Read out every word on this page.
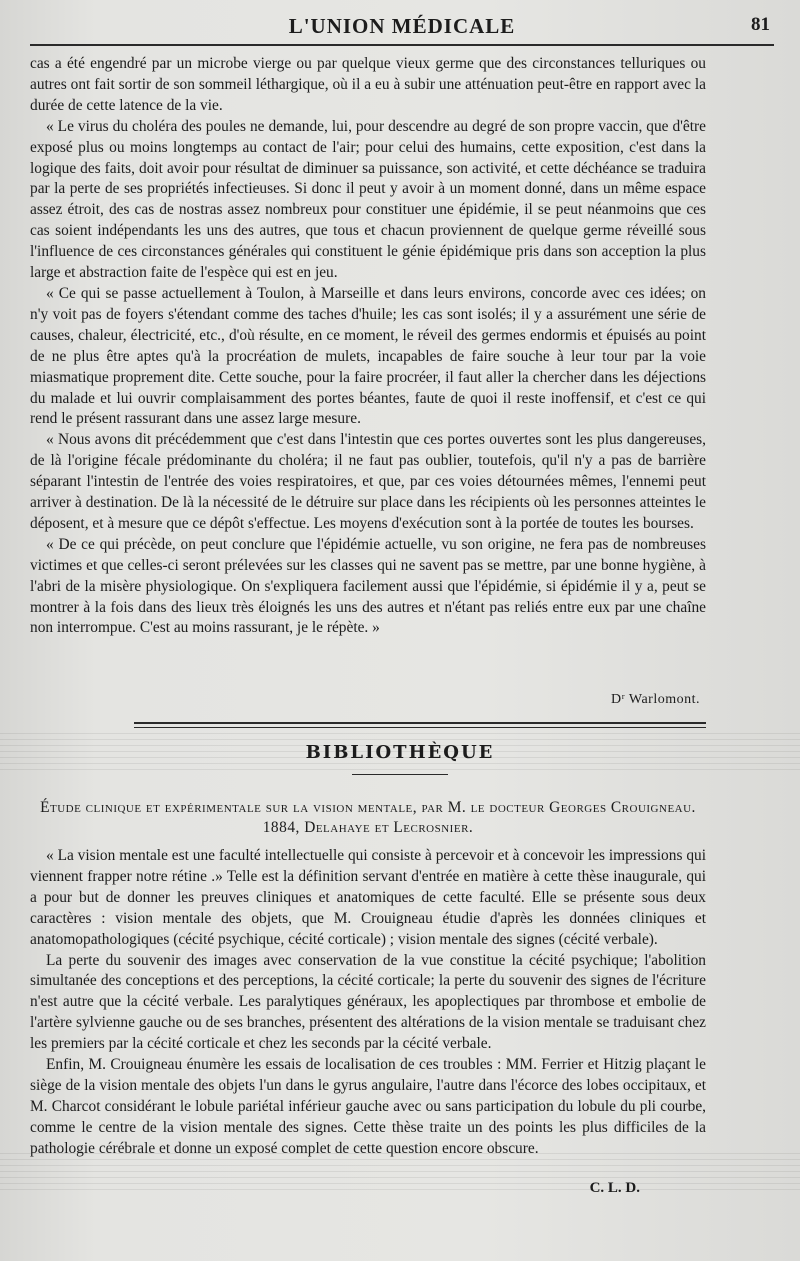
L'UNION MÉDICALE	81

cas a été engendré par un microbe vierge ou par quelque vieux germe que des circonstances telluriques ou autres ont fait sortir de son sommeil léthargique, où il a eu à subir une atténuation peut-être en rapport avec la durée de cette latence de la vie.

« Le virus du choléra des poules ne demande, lui, pour descendre au degré de son propre vaccin, que d'être exposé plus ou moins longtemps au contact de l'air; pour celui des humains, cette exposition, c'est dans la logique des faits, doit avoir pour résultat de diminuer sa puissance, son activité, et cette déchéance se traduira par la perte de ses propriétés infectieuses. Si donc il peut y avoir à un moment donné, dans un même espace assez étroit, des cas de nostras assez nombreux pour constituer une épidémie, il se peut néanmoins que ces cas soient indépendants les uns des autres, que tous et chacun proviennent de quelque germe réveillé sous l'influence de ces circonstances générales qui constituent le génie épidémique pris dans son acception la plus large et abstraction faite de l'espèce qui est en jeu.

« Ce qui se passe actuellement à Toulon, à Marseille et dans leurs environs, concorde avec ces idées; on n'y voit pas de foyers s'étendant comme des taches d'huile; les cas sont isolés; il y a assurément une série de causes, chaleur, électricité, etc., d'où résulte, en ce moment, le réveil des germes endormis et épuisés au point de ne plus être aptes qu'à la procréation de mulets, incapables de faire souche à leur tour par la voie miasmatique proprement dite. Cette souche, pour la faire procréer, il faut aller la chercher dans les déjections du malade et lui ouvrir complaisamment des portes béantes, faute de quoi il reste inoffensif, et c'est ce qui rend le présent rassurant dans une assez large mesure.

« Nous avons dit précédemment que c'est dans l'intestin que ces portes ouvertes sont les plus dangereuses, de là l'origine fécale prédominante du choléra; il ne faut pas oublier, toutefois, qu'il n'y a pas de barrière séparant l'intestin de l'entrée des voies respiratoires, et que, par ces voies détournées mêmes, l'ennemi peut arriver à destination. De là la nécessité de le détruire sur place dans les récipients où les personnes atteintes le déposent, et à mesure que ce dépôt s'effectue. Les moyens d'exécution sont à la portée de toutes les bourses.

« De ce qui précède, on peut conclure que l'épidémie actuelle, vu son origine, ne fera pas de nombreuses victimes et que celles-ci seront prélevées sur les classes qui ne savent pas se mettre, par une bonne hygiène, à l'abri de la misère physiologique. On s'expliquera facilement aussi que l'épidémie, si épidémie il y a, peut se montrer à la fois dans des lieux très éloignés les uns des autres et n'étant pas reliés entre eux par une chaîne non interrompue. C'est au moins rassurant, je le répète. »

Dʳ Warlomont.
BIBLIOTHÈQUE
Étude clinique et expérimentale sur la vision mentale, par M. le docteur Georges Crouigneau. 1884, Delahaye et Lecrosnier.

« La vision mentale est une faculté intellectuelle qui consiste à percevoir et à concevoir les impressions qui viennent frapper notre rétine .» Telle est la définition servant d'entrée en matière à cette thèse inaugurale, qui a pour but de donner les preuves cliniques et anatomiques de cette faculté. Elle se présente sous deux caractères : vision mentale des objets, que M. Crouigneau étudie d'après les données cliniques et anatomopathologiques (cécité psychique, cécité corticale) ; vision mentale des signes (cécité verbale).

La perte du souvenir des images avec conservation de la vue constitue la cécité psychique; l'abolition simultanée des conceptions et des perceptions, la cécité corticale; la perte du souvenir des signes de l'écriture n'est autre que la cécité verbale. Les paralytiques généraux, les apoplectiques par thrombose et embolie de l'artère sylvienne gauche ou de ses branches, présentent des altérations de la vision mentale se traduisant chez les premiers par la cécité corticale et chez les seconds par la cécité verbale.

Enfin, M. Crouigneau énumère les essais de localisation de ces troubles : MM. Ferrier et Hitzig plaçant le siège de la vision mentale des objets l'un dans le gyrus angulaire, l'autre dans l'écorce des lobes occipitaux, et M. Charcot considérant le lobule pariétal inférieur gauche avec ou sans participation du lobule du pli courbe, comme le centre de la vision mentale des signes. Cette thèse traite un des points les plus difficiles de la pathologie cérébrale et donne un exposé complet de cette question encore obscure.

C. L. D.
